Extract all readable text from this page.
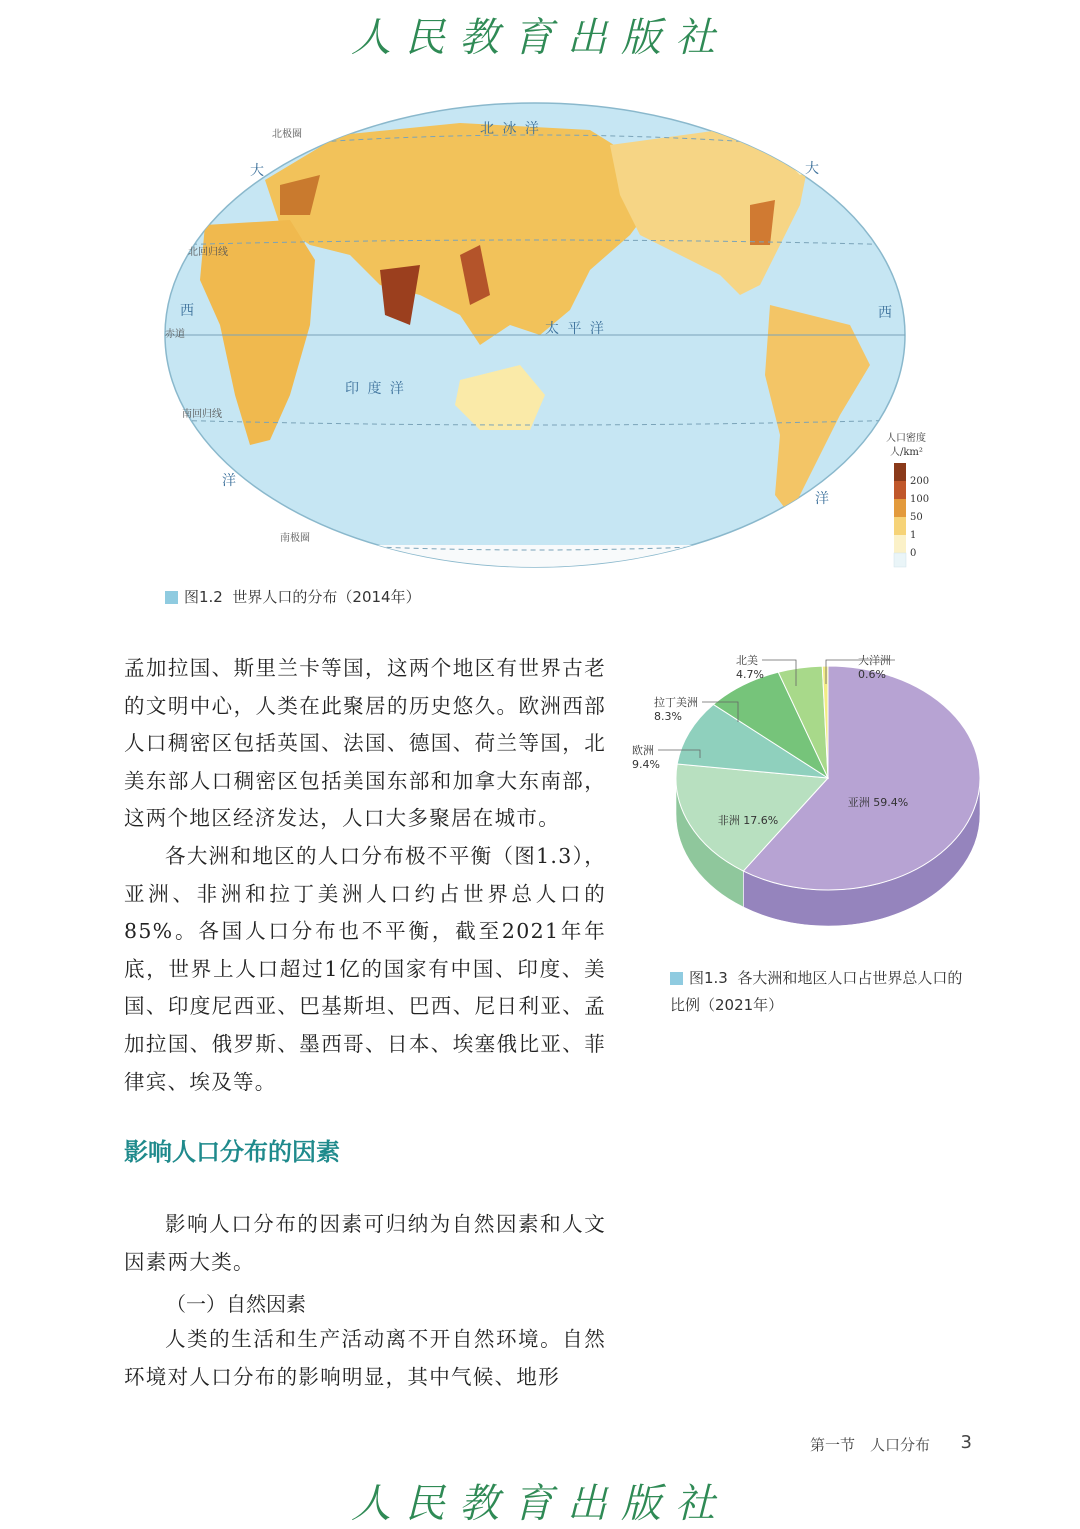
人民教育出版社
北极圈
北回归线
赤道
南回归线
南极圈
北 冰 洋
大
西
洋
大
西
洋
印 度 洋
太 平 洋
人口密度
人/km²
200
100
50
1
0
图1.2 世界人口的分布（2014年）

孟加拉国、斯里兰卡等国，这两个地区有世界古老的文明中心，人类在此聚居的历史悠久。欧洲西部人口稠密区包括英国、法国、德国、荷兰等国，北美东部人口稠密区包括美国东部和加拿大东南部，这两个地区经济发达，人口大多聚居在城市。

各大洲和地区的人口分布极不平衡（图1.3），亚洲、非洲和拉丁美洲人口约占世界总人口的85%。各国人口分布也不平衡，截至2021年年底，世界上人口超过1亿的国家有中国、印度、美国、印度尼西亚、巴基斯坦、巴西、尼日利亚、孟加拉国、俄罗斯、墨西哥、日本、埃塞俄比亚、菲律宾、埃及等。

亚洲 59.4%
非洲 17.6%
欧洲
9.4%
拉丁美洲
8.3%
北美
4.7%
大洋洲
0.6%
图1.3 各大洲和地区人口占世界总人口的
比例（2021年）
影响人口分布的因素

影响人口分布的因素可归纳为自然因素和人文因素两大类。

（一）自然因素

人类的生活和生产活动离不开自然环境。自然环境对人口分布的影响明显，其中气候、地形

第一节　人口分布 3
人民教育出版社
